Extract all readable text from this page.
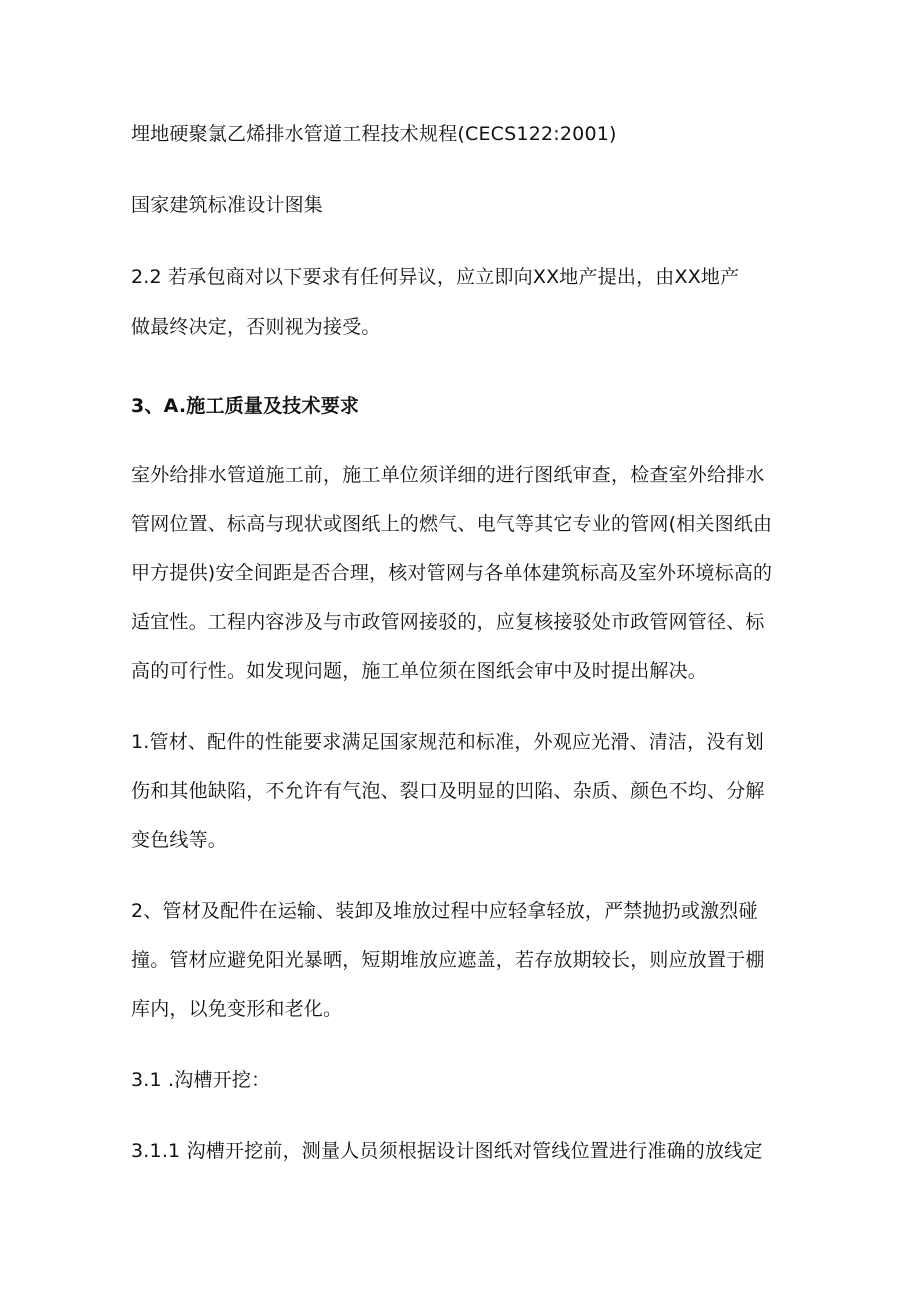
埋地硬聚氯乙烯排水管道工程技术规程(CECS122:2001)
国家建筑标准设计图集
2.2 若承包商对以下要求有任何异议，应立即向XX地产提出，由XX地产
做最终决定，否则视为接受。
3、A.施工质量及技术要求
室外给排水管道施工前，施工单位须详细的进行图纸审查，检查室外给排水
管网位置、标高与现状或图纸上的燃气、电气等其它专业的管网(相关图纸由
甲方提供)安全间距是否合理，核对管网与各单体建筑标高及室外环境标高的
适宜性。工程内容涉及与市政管网接驳的，应复核接驳处市政管网管径、标
高的可行性。如发现问题，施工单位须在图纸会审中及时提出解决。
1.管材、配件的性能要求满足国家规范和标准，外观应光滑、清洁，没有划
伤和其他缺陷，不允许有气泡、裂口及明显的凹陷、杂质、颜色不均、分解
变色线等。
2、管材及配件在运输、装卸及堆放过程中应轻拿轻放，严禁抛扔或激烈碰
撞。管材应避免阳光暴晒，短期堆放应遮盖，若存放期较长，则应放置于棚
库内，以免变形和老化。
3.1 .沟槽开挖：
3.1.1 沟槽开挖前，测量人员须根据设计图纸对管线位置进行准确的放线定
